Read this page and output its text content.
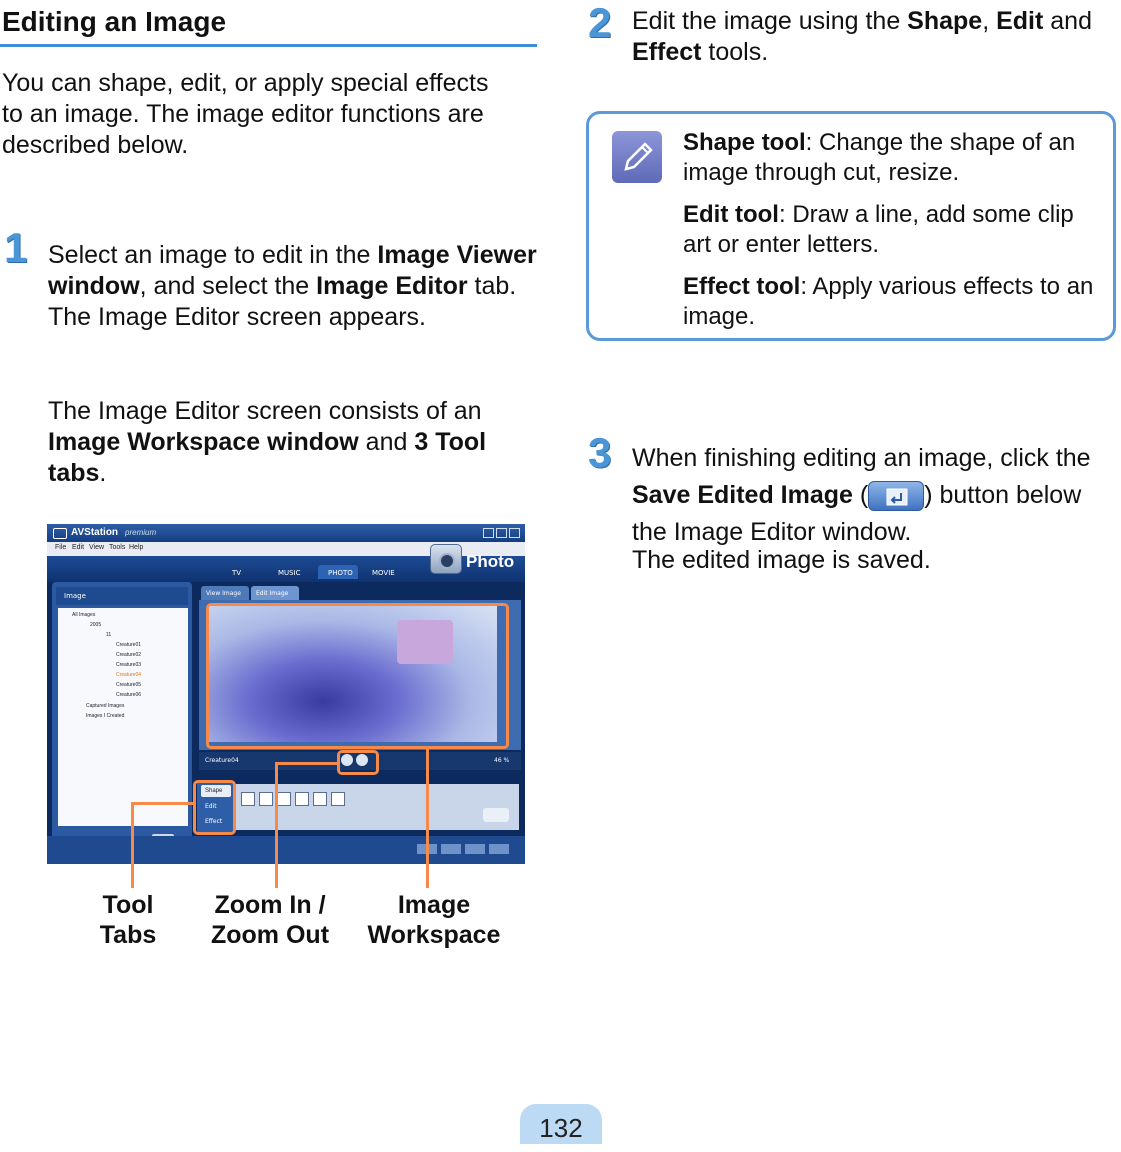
Editing an Image
You can shape, edit, or apply special effects to an image. The image editor functions are described below.
1 Select an image to edit in the Image Viewer window, and select the Image Editor tab. The Image Editor screen appears.
The Image Editor screen consists of an Image Workspace window and 3 Tool tabs.
AVStation premium
File Edit View Tools Help
TV	MUSIC	PHOTO	MOVIE
Photo
Image
All Images
2005
11
Creature01
Creature02
Creature03
Creature04
Creature05
Creature06
Captured Images
Images I Created
View Image	Edit Image
Creature04	46 %
Shape
Edit
Effect
Tool
Tabs
Zoom In /
Zoom Out
Image
Workspace
2 Edit the image using the Shape, Edit and Effect tools.
Shape tool: Change the shape of an image through cut, resize.
Edit tool: Draw a line, add some clip art or enter letters.
Effect tool: Apply various effects to an image.
3 When finishing editing an image, click the Save Edited Image ( ) button below the Image Editor window.
The edited image is saved.
132
